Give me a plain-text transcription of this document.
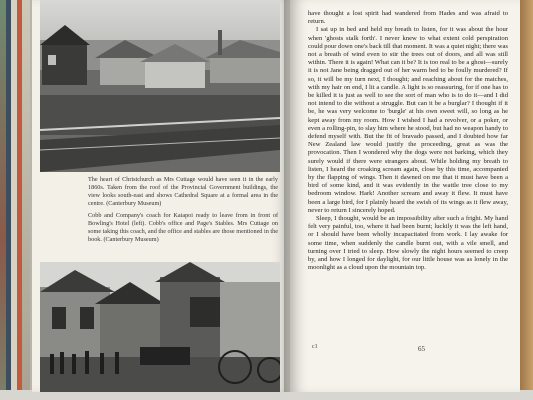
The heart of Christchurch as Mrs Cuttage would have seen it in the early 1860s. Taken from the roof of the Provincial Government buildings, the view looks south-east and shows Cathedral Square at a formal area in the centre. (Canterbury Museum)

Cobb and Company's coach for Kaiapoi ready to leave from in front of Bowling's Hotel (left). Cobb's office and Page's Stables. Mrs Cuttage on some taking this coach, and the office and stables are those mentioned in the book. (Canterbury Museum)

have thought a lost spirit had wandered from Hades and was afraid to return.

I sat up in bed and held my breath to listen, for it was about the hour when 'ghosts stalk forth'. I never knew to what extent cold perspiration could pour down one's back till that moment. It was a quiet night; there was not a breath of wind even to stir the trees out of doors, and all was still within. There it is again! What can it be? It is too real to be a ghost—surely it is not Jane being dragged out of her warm bed to be foully murdered? If so, it will be my turn next, I thought; and reaching about for the matches, with my hair on end, I lit a candle. A light is so reassuring, for if one has to be killed it is just as well to see the sort of man who is to do it—and I did not intend to die without a struggle. But can it be a burglar? I thought if it be, he was very welcome to 'burgle' at his own sweet will, so long as he kept away from my room. How I wished I had a revolver, or a poker, or even a rolling-pin, to slay him where he stood, but had no weapon handy to defend myself with. But the fit of bravado passed, and I doubted how far New Zealand law would justify the proceeding, great as was the provocation. Then I wondered why the dogs were not barking, which they surely would if there were strangers about. While holding my breath to listen, I heard the croaking scream again, close by this time, accompanied by the flapping of wings. Then it dawned on me that it must have been a bird of some kind, and it was evidently in the wattle tree close to my bedroom window. Hark! Another scream and away it flew. It must have been a large bird, for I plainly heard the swish of its wings as it flew away, never to return I sincerely hoped.

Sleep, I thought, would be an impossibility after such a fright. My hand felt very painful, too, where it had been burnt; luckily it was the left hand, or I should have been wholly incapacitated from work. I lay awake for some time, when suddenly the candle burnt out, with a vile smell, and turning over I tried to sleep. How slowly the night hours seemed to creep by, and how I longed for daylight, for our little house was as lonely in the moonlight as a cloud upon the mountain top.

c1	65
